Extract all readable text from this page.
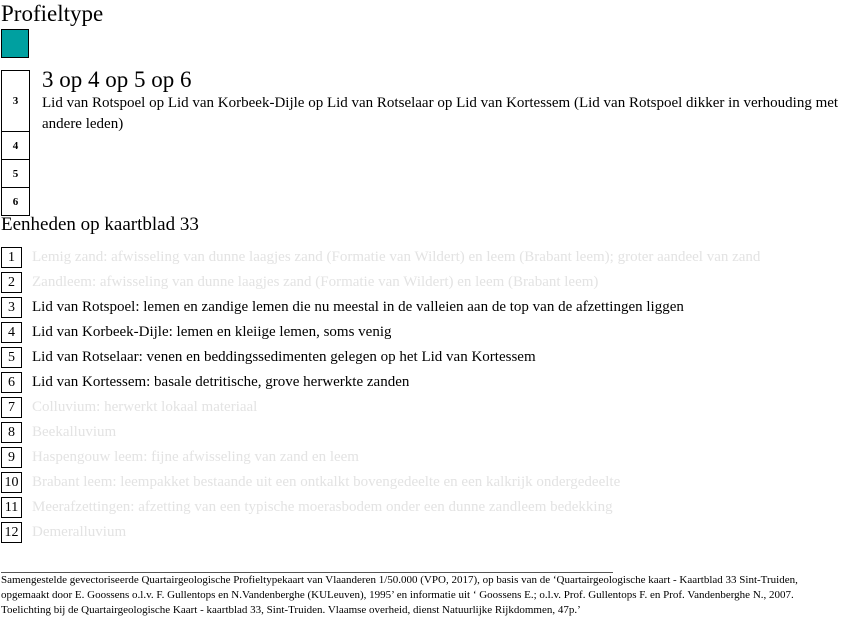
Profieltype
3
4
5
6
3 op 4 op 5 op 6
Lid van Rotspoel op Lid van Korbeek-Dijle op Lid van Rotselaar op Lid van Kortessem (Lid van Rotspoel dikker in verhouding met andere leden)
Eenheden op kaartblad 33
1	Lemig zand: afwisseling van dunne laagjes zand (Formatie van Wildert) en leem (Brabant leem); groter aandeel van zand
2	Zandleem: afwisseling van dunne laagjes zand (Formatie van Wildert) en leem (Brabant leem)
3	Lid van Rotspoel: lemen en zandige lemen die nu meestal in de valleien aan de top van de afzettingen liggen
4	Lid van Korbeek-Dijle: lemen en kleiige lemen, soms venig
5	Lid van Rotselaar: venen en beddingssedimenten gelegen op het Lid van Kortessem
6	Lid van Kortessem: basale detritische, grove herwerkte zanden
7	Colluvium: herwerkt lokaal materiaal
8	Beekalluvium
9	Haspengouw leem: fijne afwisseling van zand en leem
10 Brabant leem: leempakket bestaande uit een ontkalkt bovengedeelte en een kalkrijk ondergedeelte
11 Meerafzettingen: afzetting van een typische moerasbodem onder een dunne zandleem bedekking
12 Demeralluvium
Samengestelde gevectoriseerde Quartairgeologische Profieltypekaart van Vlaanderen 1/50.000 (VPO, 2017), op basis van de ‘Quartairgeologische kaart - Kaartblad 33 Sint-Truiden, opgemaakt door E. Goossens o.l.v. F. Gullentops en N.Vandenberghe (KULeuven), 1995’ en informatie uit ‘ Goossens E.; o.l.v. Prof. Gullentops F. en Prof. Vandenberghe N., 2007. Toelichting bij de Quartairgeologische Kaart - kaartblad 33, Sint-Truiden. Vlaamse overheid, dienst Natuurlijke Rijkdommen, 47p.’
